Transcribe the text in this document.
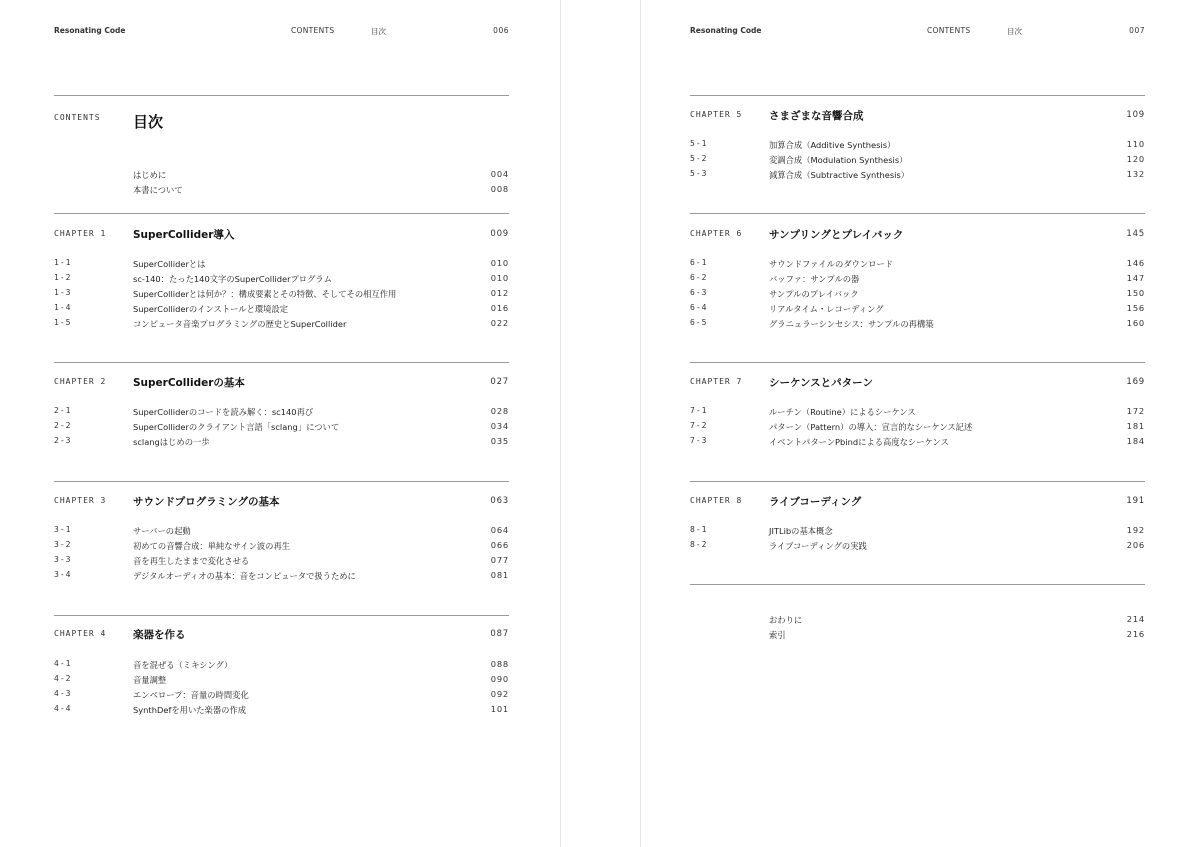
Resonating Code	CONTENTS	目次	006
CONTENTS 目次
はじめに	004
本書について	008
CHAPTER 1	SuperCollider導入	009
1-1	SuperColliderとは	010
1-2	sc-140：たった140文字のSuperColliderプログラム	010
1-3	SuperColliderとは何か？：構成要素とその特徴、そしてその相互作用	012
1-4	SuperColliderのインストールと環境設定	016
1-5	コンピュータ音楽プログラミングの歴史とSuperCollider	022
CHAPTER 2	SuperColliderの基本	027
2-1	SuperColliderのコードを読み解く：sc140再び	028
2-2	SuperColliderのクライアント言語「sclang」について	034
2-3	sclangはじめの一歩	035
CHAPTER 3	サウンドプログラミングの基本	063
3-1	サーバーの起動	064
3-2	初めての音響合成：単純なサイン波の再生	066
3-3	音を再生したままで変化させる	077
3-4	デジタルオーディオの基本：音をコンピュータで扱うために	081
CHAPTER 4	楽器を作る	087
4-1	音を混ぜる（ミキシング）	088
4-2	音量調整	090
4-3	エンベロープ：音量の時間変化	092
4-4	SynthDefを用いた楽器の作成	101
Resonating Code	CONTENTS	目次	007
CHAPTER 5	さまざまな音響合成	109
5-1	加算合成（Additive Synthesis）	110
5-2	変調合成（Modulation Synthesis）	120
5-3	減算合成（Subtractive Synthesis）	132
CHAPTER 6	サンプリングとプレイバック	145
6-1	サウンドファイルのダウンロード	146
6-2	バッファ：サンプルの器	147
6-3	サンプルのプレイバック	150
6-4	リアルタイム・レコーディング	156
6-5	グラニュラーシンセシス：サンプルの再構築	160
CHAPTER 7	シーケンスとパターン	169
7-1	ルーチン（Routine）によるシーケンス	172
7-2	パターン（Pattern）の導入：宣言的なシーケンス記述	181
7-3	イベントパターンPbindによる高度なシーケンス	184
CHAPTER 8	ライブコーディング	191
8-1	JITLibの基本概念	192
8-2	ライブコーディングの実践	206
おわりに	214
索引	216
